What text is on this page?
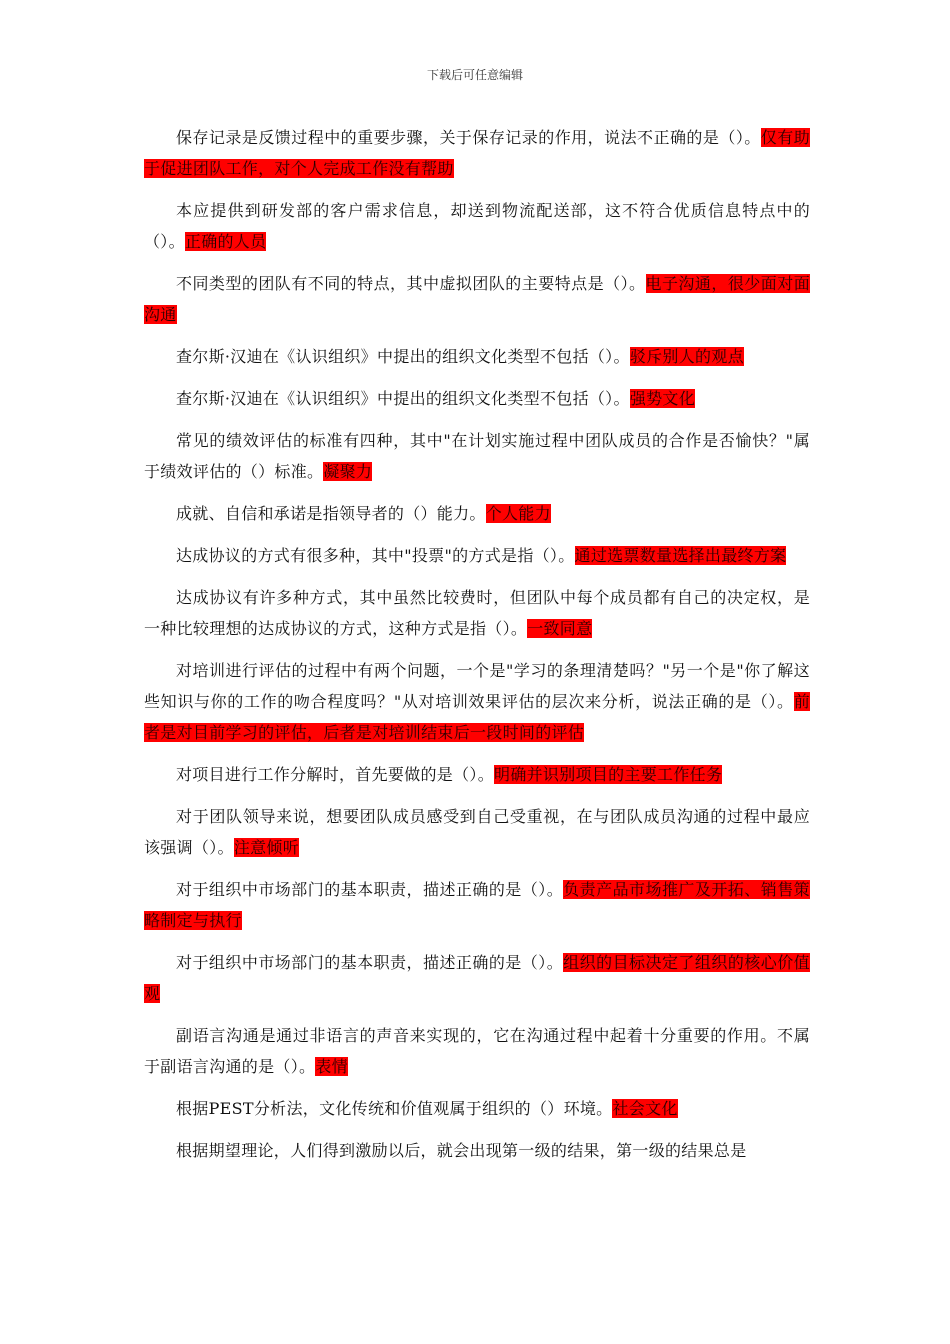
下载后可任意编辑

保存记录是反馈过程中的重要步骤，关于保存记录的作用，说法不正确的是（）。仅有助于促进团队工作，对个人完成工作没有帮助

本应提供到研发部的客户需求信息，却送到物流配送部，这不符合优质信息特点中的（）。正确的人员

不同类型的团队有不同的特点，其中虚拟团队的主要特点是（）。电子沟通，很少面对面沟通

查尔斯·汉迪在《认识组织》中提出的组织文化类型不包括（）。驳斥别人的观点

查尔斯·汉迪在《认识组织》中提出的组织文化类型不包括（）。强势文化

常见的绩效评估的标准有四种，其中"在计划实施过程中团队成员的合作是否愉快？"属于绩效评估的（）标准。凝聚力

成就、自信和承诺是指领导者的（）能力。个人能力

达成协议的方式有很多种，其中"投票"的方式是指（）。通过选票数量选择出最终方案

达成协议有许多种方式，其中虽然比较费时，但团队中每个成员都有自己的决定权，是一种比较理想的达成协议的方式，这种方式是指（）。一致同意

对培训进行评估的过程中有两个问题，一个是"学习的条理清楚吗？"另一个是"你了解这些知识与你的工作的吻合程度吗？"从对培训效果评估的层次来分析，说法正确的是（）。前者是对目前学习的评估，后者是对培训结束后一段时间的评估

对项目进行工作分解时，首先要做的是（）。明确并识别项目的主要工作任务

对于团队领导来说，想要团队成员感受到自己受重视，在与团队成员沟通的过程中最应该强调（）。注意倾听

对于组织中市场部门的基本职责，描述正确的是（）。负责产品市场推广及开拓、销售策略制定与执行

对于组织中市场部门的基本职责，描述正确的是（）。组织的目标决定了组织的核心价值观

副语言沟通是通过非语言的声音来实现的，它在沟通过程中起着十分重要的作用。不属于副语言沟通的是（）。表情

根据PEST分析法，文化传统和价值观属于组织的（）环境。社会文化

根据期望理论，人们得到激励以后，就会出现第一级的结果，第一级的结果总是
